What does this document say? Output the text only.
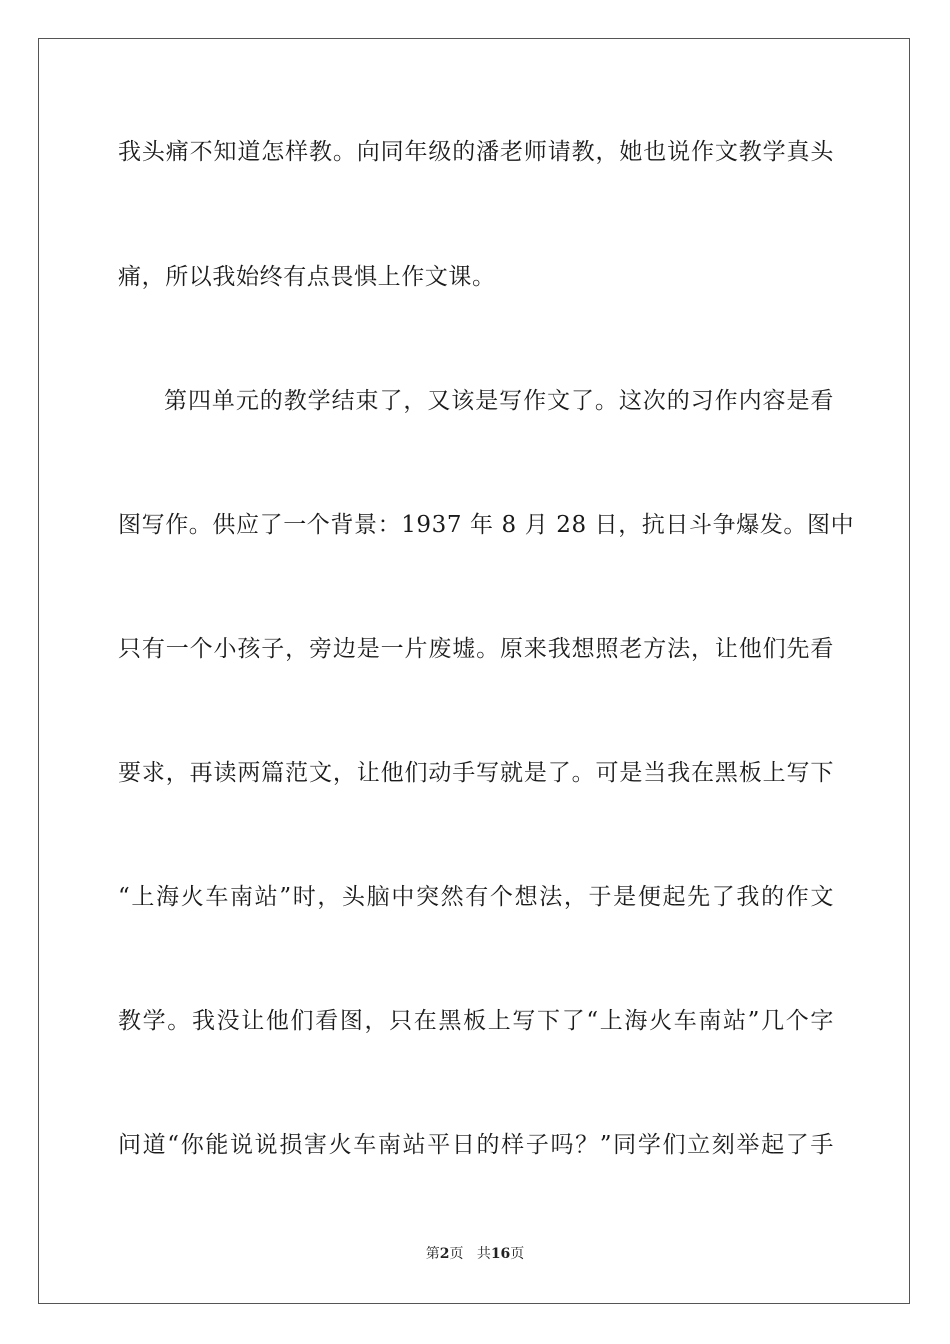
我头痛不知道怎样教。向同年级的潘老师请教，她也说作文教学真头
痛，所以我始终有点畏惧上作文课。
第四单元的教学结束了，又该是写作文了。这次的习作内容是看
图写作。供应了一个背景：1937 年 8 月 28 日，抗日斗争爆发。图中
只有一个小孩子，旁边是一片废墟。原来我想照老方法，让他们先看
要求，再读两篇范文，让他们动手写就是了。可是当我在黑板上写下
“上海火车南站”时，头脑中突然有个想法，于是便起先了我的作文
教学。我没让他们看图，只在黑板上写下了“上海火车南站”几个字
问道“你能说说损害火车南站平日的样子吗？”同学们立刻举起了手
第2页 共16页
